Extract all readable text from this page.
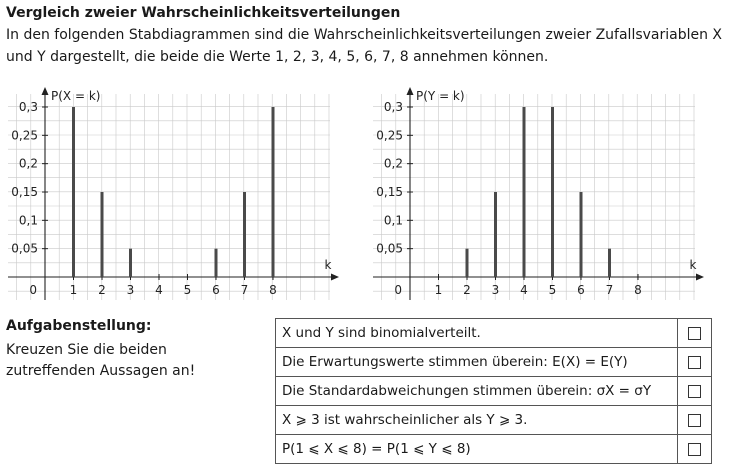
Vergleich zweier Wahrscheinlichkeitsverteilungen
In den folgenden Stabdiagrammen sind die Wahrscheinlichkeitsverteilungen zweier Zufallsvariablen X und Y dargestellt, die beide die Werte 1, 2, 3, 4, 5, 6, 7, 8 annehmen können.
0,05
0,1
0,15
0,2
0,25
0,3
1 2 3 4 5 6 7 8
0
P(X = k)
k
0,05
0,1
0,15
0,2
0,25
0,3
1 2 3 4 5 6 7 8
0
P(Y = k)
k
Aufgabenstellung:
Kreuzen Sie die beiden zutreffenden Aussagen an!
X und Y sind binomialverteilt.	
Die Erwartungswerte stimmen überein: E(X) = E(Y)	
Die Standardabweichungen stimmen überein: σX = σY	
X ⩾ 3 ist wahrscheinlicher als Y ⩾ 3.	
P(1 ⩽ X ⩽ 8) = P(1 ⩽ Y ⩽ 8)	
